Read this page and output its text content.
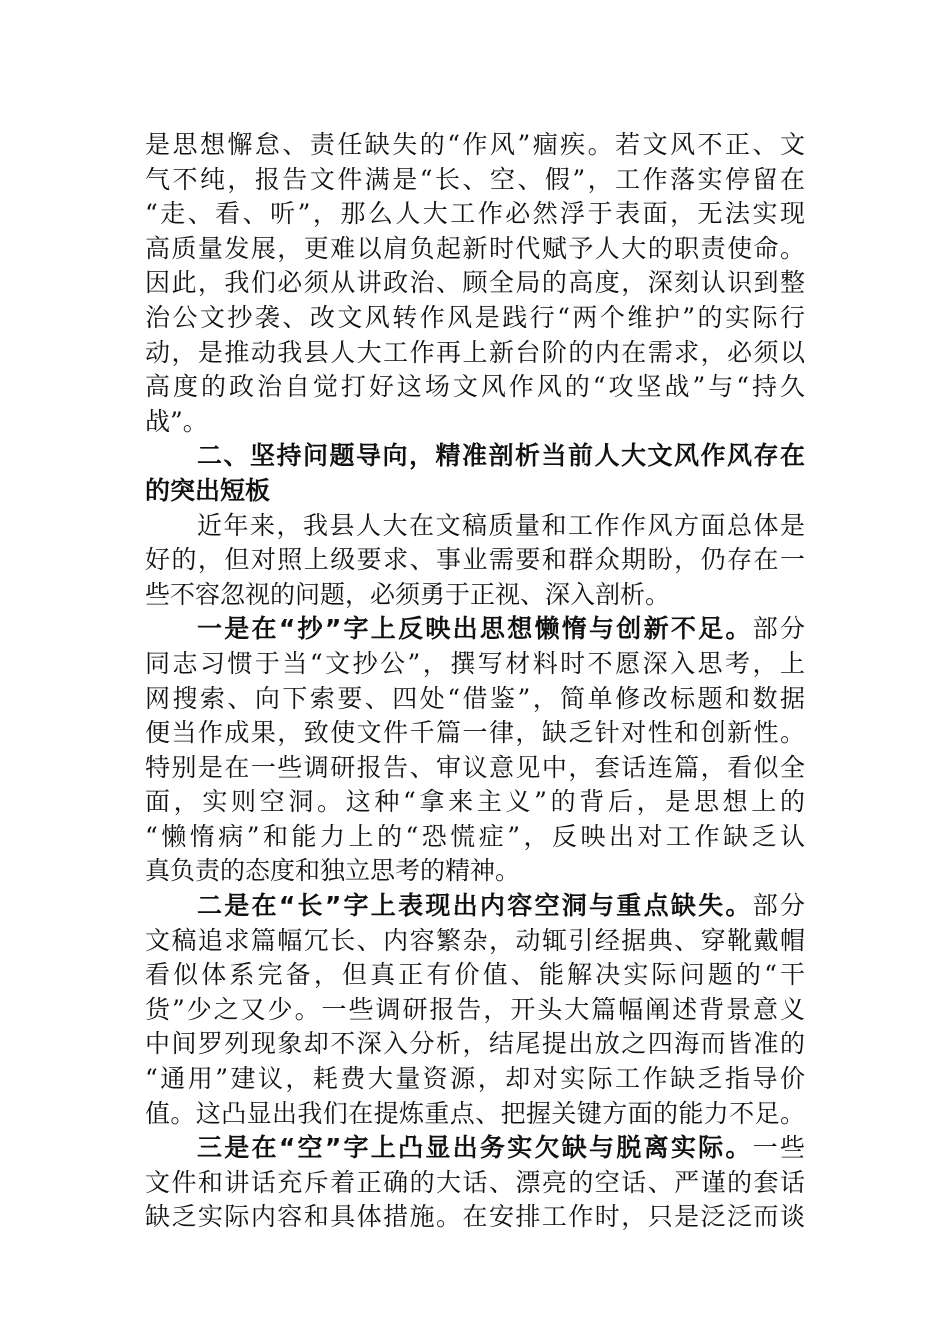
是思想懈怠、责任缺失的“作风”痼疾。若文风不正、文
气不纯，报告文件满是“长、空、假”，工作落实停留在
“走、看、听”，那么人大工作必然浮于表面，无法实现
高质量发展，更难以肩负起新时代赋予人大的职责使命。
因此，我们必须从讲政治、顾全局的高度，深刻认识到整
治公文抄袭、改文风转作风是践行“两个维护”的实际行
动，是推动我县人大工作再上新台阶的内在需求，必须以
高度的政治自觉打好这场文风作风的“攻坚战”与“持久
战”。
二、坚持问题导向，精准剖析当前人大文风作风存在
的突出短板
近年来，我县人大在文稿质量和工作作风方面总体是
好的，但对照上级要求、事业需要和群众期盼，仍存在一
些不容忽视的问题，必须勇于正视、深入剖析。
一是在“抄”字上反映出思想懒惰与创新不足。部分
同志习惯于当“文抄公”，撰写材料时不愿深入思考，上
网搜索、向下索要、四处“借鉴”，简单修改标题和数据
便当作成果，致使文件千篇一律，缺乏针对性和创新性。
特别是在一些调研报告、审议意见中，套话连篇，看似全
面，实则空洞。这种“拿来主义”的背后，是思想上的
“懒惰病”和能力上的“恐慌症”，反映出对工作缺乏认
真负责的态度和独立思考的精神。
二是在“长”字上表现出内容空洞与重点缺失。部分
文稿追求篇幅冗长、内容繁杂，动辄引经据典、穿靴戴帽
看似体系完备，但真正有价值、能解决实际问题的“干
货”少之又少。一些调研报告，开头大篇幅阐述背景意义
中间罗列现象却不深入分析，结尾提出放之四海而皆准的
“通用”建议，耗费大量资源，却对实际工作缺乏指导价
值。这凸显出我们在提炼重点、把握关键方面的能力不足。
三是在“空”字上凸显出务实欠缺与脱离实际。一些
文件和讲话充斥着正确的大话、漂亮的空话、严谨的套话
缺乏实际内容和具体措施。在安排工作时，只是泛泛而谈
